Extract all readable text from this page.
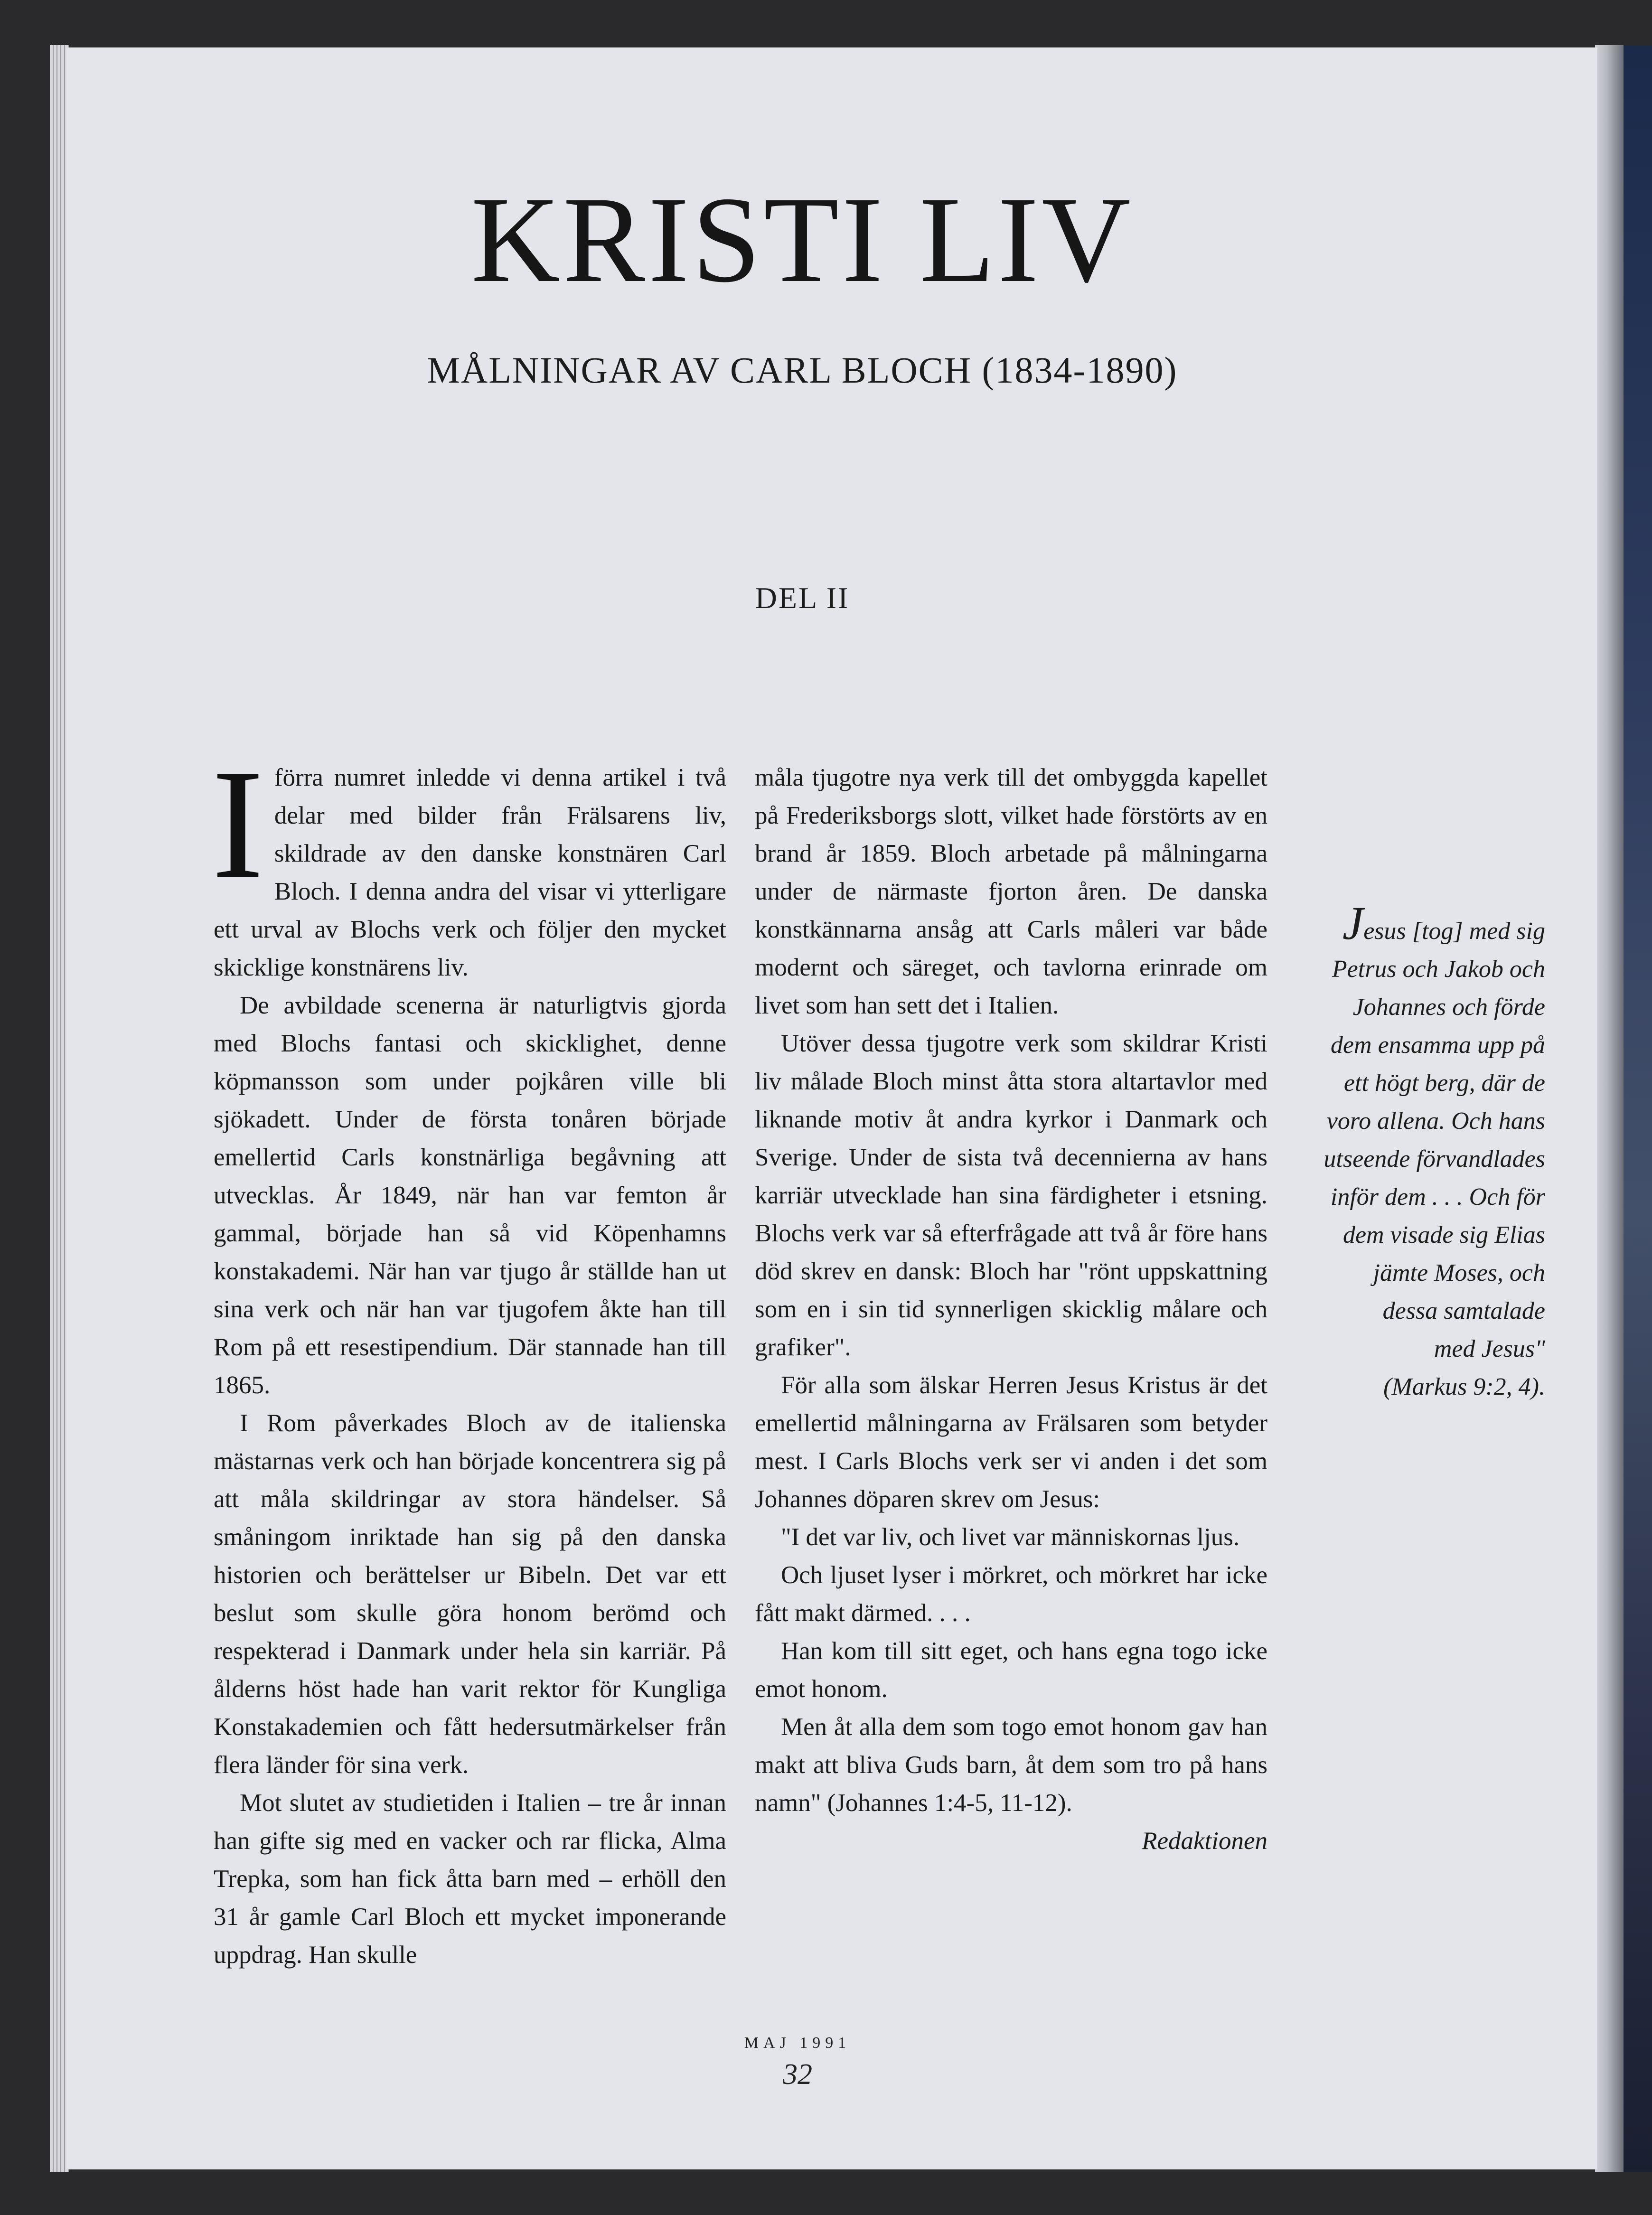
KRISTI LIV
MÅLNINGAR AV CARL BLOCH (1834-1890)
DEL II

Iförra numret inledde vi denna artikel i två delar med bilder från Frälsarens liv, skildrade av den danske konstnären Carl Bloch. I denna andra del visar vi ytterligare ett urval av Blochs verk och följer den mycket skicklige konstnärens liv.

De avbildade scenerna är naturligtvis gjorda med Blochs fantasi och skicklighet, denne köpmansson som under pojkåren ville bli sjökadett. Under de första tonåren började emellertid Carls konstnärliga begåvning att utvecklas. År 1849, när han var femton år gammal, började han så vid Köpenhamns konstakademi. När han var tjugo år ställde han ut sina verk och när han var tjugofem åkte han till Rom på ett resestipendium. Där stannade han till 1865.

I Rom påverkades Bloch av de italienska mästarnas verk och han började koncentrera sig på att måla skildringar av stora händelser. Så småningom inriktade han sig på den danska historien och berättelser ur Bibeln. Det var ett beslut som skulle göra honom berömd och respekterad i Danmark under hela sin karriär. På ålderns höst hade han varit rektor för Kungliga Konstakademien och fått hedersutmärkelser från flera länder för sina verk.

Mot slutet av studietiden i Italien – tre år innan han gifte sig med en vacker och rar flicka, Alma Trepka, som han fick åtta barn med – erhöll den 31 år gamle Carl Bloch ett mycket imponerande uppdrag. Han skulle

måla tjugotre nya verk till det ombyggda kapellet på Frederiksborgs slott, vilket hade förstörts av en brand år 1859. Bloch arbetade på målningarna under de närmaste fjorton åren. De danska konstkännarna ansåg att Carls måleri var både modernt och säreget, och tavlorna erinrade om livet som han sett det i Italien.

Utöver dessa tjugotre verk som skildrar Kristi liv målade Bloch minst åtta stora altartavlor med liknande motiv åt andra kyrkor i Danmark och Sverige. Under de sista två decennierna av hans karriär utvecklade han sina färdigheter i etsning. Blochs verk var så efterfrågade att två år före hans död skrev en dansk: Bloch har "rönt uppskattning som en i sin tid synnerligen skicklig målare och grafiker".

För alla som älskar Herren Jesus Kristus är det emellertid målningarna av Frälsaren som betyder mest. I Carls Blochs verk ser vi anden i det som Johannes döparen skrev om Jesus:

"I det var liv, och livet var människornas ljus.

Och ljuset lyser i mörkret, och mörkret har icke fått makt därmed. . . .

Han kom till sitt eget, och hans egna togo icke emot honom.

Men åt alla dem som togo emot honom gav han makt att bliva Guds barn, åt dem som tro på hans namn" (Johannes 1:4-5, 11-12).

Redaktionen

Jesus [tog] med sig
Petrus och Jakob och
Johannes och förde
dem ensamma upp på
ett högt berg, där de
voro allena. Och hans
utseende förvandlades
inför dem . . . Och för
dem visade sig Elias
jämte Moses, och
dessa samtalade
med Jesus"
(Markus 9:2, 4).
MAJ 1991
32
